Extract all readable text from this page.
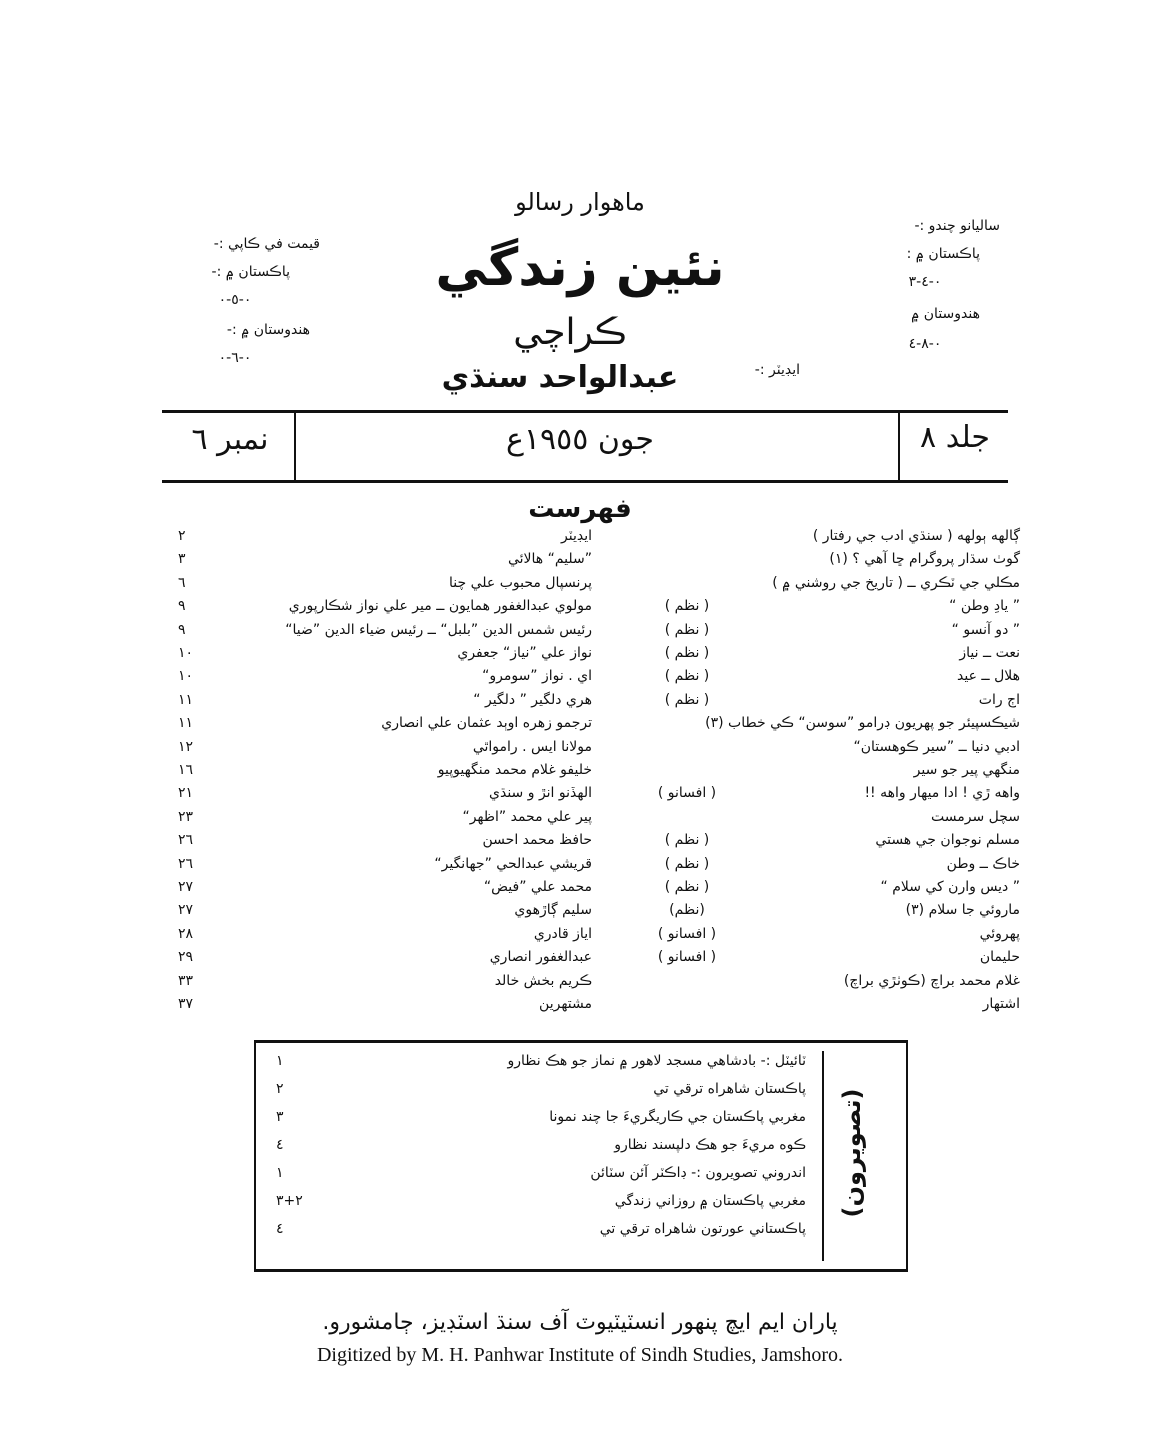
ماهوار رسالو
نئين زندگي
ڪراچي
ايڊيٽر :-
عبدالواحد سنڌي
قيمت في ڪاپي :-
پاڪستان ۾ :-
٠-٥-٠
هندوستان ۾ :-
٠-٦-٠
ساليانو چندو :-
پاڪستان ۾ :
٠-٤-٣
هندوستان ۾
٠-٨-٤
جلد ٨
جون ١٩٥٥ع
نمبر ٦
فهرست
٢	ايڊيٽر	ڳالهه ٻولهه ( سنڌي ادب جي رفتار )
٣	”سليم“ هالائي	گوٺ سڌار پروگرام ڇا آهي ؟ (١)
٦	پرنسپال محبوب علي چنا	مڪلي جي ٽڪري ــ ( تاريخ جي روشني ۾ )
٩	مولوي عبدالغفور همايون ــ مير علي نواز شڪارپوري	( نظم )	” يادِ وطن “
٩	رئيس شمس الدين ”بلبل“ ــ رئيس ضياء الدين ”ضيا“	( نظم )	” دو آنسو “
١٠	نواز علي ”نياز“ جعفري	( نظم )	نعت ــ نياز
١٠	اي . نواز ”سومرو“	( نظم )	هلال ــ عيد
١١	هري دلگير ” دلگير “	( نظم )	اڄ رات
١١	ترجمو زهره اوٻد عثمان علي انصاري	شيڪسپيئر جو پهريون ڊرامو ”سوسن“ ڪي خطاب (٣)
١٢	مولانا ايس . رامواٿي	ادبي دنيا ــ ”سير ڪوهستان“
١٦	خليفو غلام محمد منگهيوپيو	منگهي پير جو سير
٢١	الهڏنو انڙ و سنڌي	( افسانو )	واهه ڙي ! ادا ميهار واهه !!
٢٣	پير علي محمد ”اظهر“	سچل سرمست
٢٦	حافظ محمد احسن	( نظم )	مسلم نوجوان جي هستي
٢٦	قريشي عبدالحي ”جهانگير“	( نظم )	خاڪ ــ وطن
٢٧	محمد علي ”فيض“	( نظم )	” ديس وارن کي سلام “
٢٧	سليم ڳاڙهوي	(نظم)	ماروئي جا سلام (٣)
٢٨	اياز قادري	( افسانو )	پهروئي
٢٩	عبدالغفور انصاري	( افسانو )	حليمان
٣٣	ڪريم بخش خالد	غلام محمد براچ (ڪوٺڙي براچ)
٣٧	مشتهرين	اشتهار
١	ٽائيٽل :- بادشاهي مسجد لاهور ۾ نماز جو هڪ نظارو
٢	پاڪستان شاهراه ترقي تي
٣	مغربي پاڪستان جي ڪاريگريءَ جا چند نمونا
٤	ڪوه مريءَ جو هڪ دلپسند نظارو
١	اندروني تصويرون :- ڊاڪٽر آئن سٽائن
٢+٣	مغربي پاڪستان ۾ روزاني زندگي
٤	پاڪستاني عورتون شاهراه ترقي تي
(تصويرون)
پاران ايم ايچ پنهور انسٽيٽيوٽ آف سنڌ اسٽڊيز، ڄامشورو.
Digitized by M. H. Panhwar Institute of Sindh Studies, Jamshoro.
